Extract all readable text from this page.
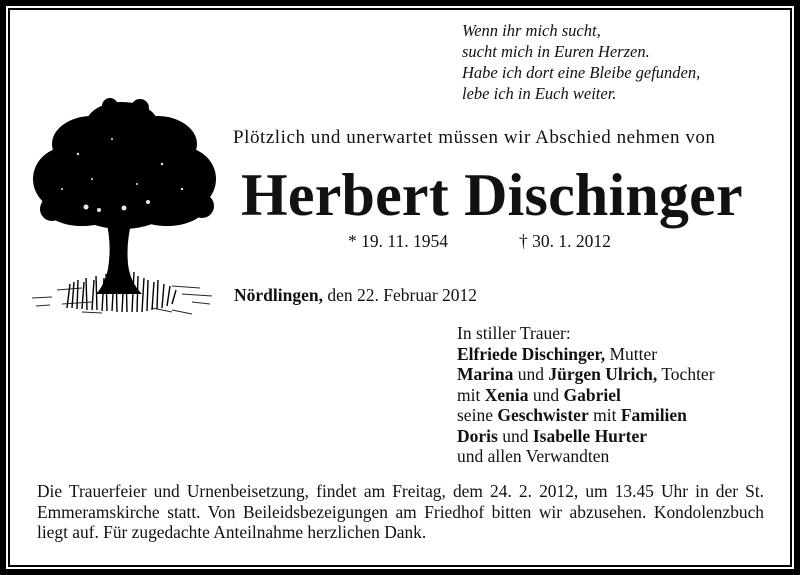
Wenn ihr mich sucht,
sucht mich in Euren Herzen.
Habe ich dort eine Bleibe gefunden,
lebe ich in Euch weiter.
Plötzlich und unerwartet müssen wir Abschied nehmen von
Herbert Dischinger
* 19. 11. 1954	† 30. 1. 2012
Nördlingen, den 22. Februar 2012
In stiller Trauer:
Elfriede Dischinger, Mutter
Marina und Jürgen Ulrich, Tochter
mit Xenia und Gabriel
seine Geschwister mit Familien
Doris und Isabelle Hurter
und allen Verwandten
Die Trauerfeier und Urnenbeisetzung, findet am Freitag, dem 24. 2. 2012, um 13.45 Uhr in der St. Emmeramskirche statt. Von Beileidsbezeigungen am Friedhof bitten wir abzusehen. Kondolenzbuch liegt auf. Für zugedachte Anteilnahme herzlichen Dank.
